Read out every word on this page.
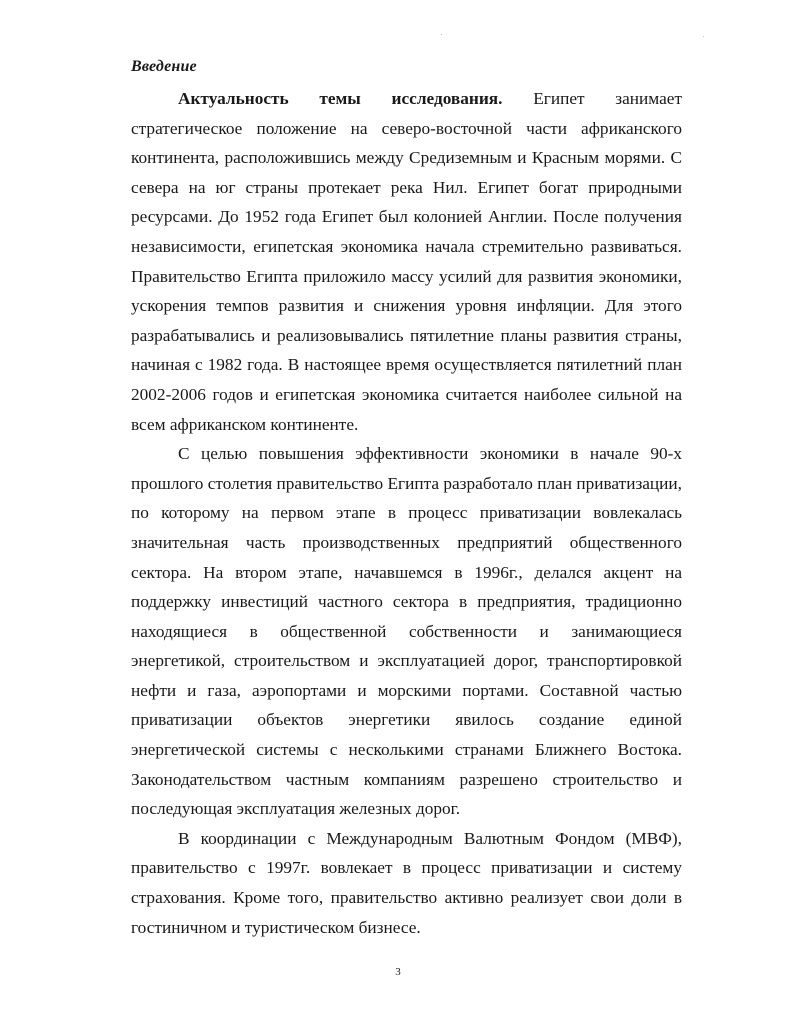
Введение

Актуальность темы исследования. Египет занимает стратегическое положение на северо-восточной части африканского континента, расположившись между Средиземным и Красным морями. С севера на юг страны протекает река Нил. Египет богат природными ресурсами. До 1952 года Египет был колонией Англии. После получения независимости, египетская экономика начала стремительно развиваться. Правительство Египта приложило массу усилий для развития экономики, ускорения темпов развития и снижения уровня инфляции. Для этого разрабатывались и реализовывались пятилетние планы развития страны, начиная с 1982 года. В настоящее время осуществляется пятилетний план 2002-2006 годов и египетская экономика считается наиболее сильной на всем африканском континенте.

С целью повышения эффективности экономики в начале 90-х прошлого столетия правительство Египта разработало план приватизации, по которому на первом этапе в процесс приватизации вовлекалась значительная часть производственных предприятий общественного сектора. На втором этапе, начавшемся в 1996г., делался акцент на поддержку инвестиций частного сектора в предприятия, традиционно находящиеся в общественной собственности и занимающиеся энергетикой, строительством и эксплуатацией дорог, транспортировкой нефти и газа, аэропортами и морскими портами. Составной частью приватизации объектов энергетики явилось создание единой энергетической системы с несколькими странами Ближнего Востока. Законодательством частным компаниям разрешено строительство и последующая эксплуатация железных дорог.

В координации с Международным Валютным Фондом (МВФ), правительство с 1997г. вовлекает в процесс приватизации и систему страхования. Кроме того, правительство активно реализует свои доли в гостиничном и туристическом бизнесе.

3
